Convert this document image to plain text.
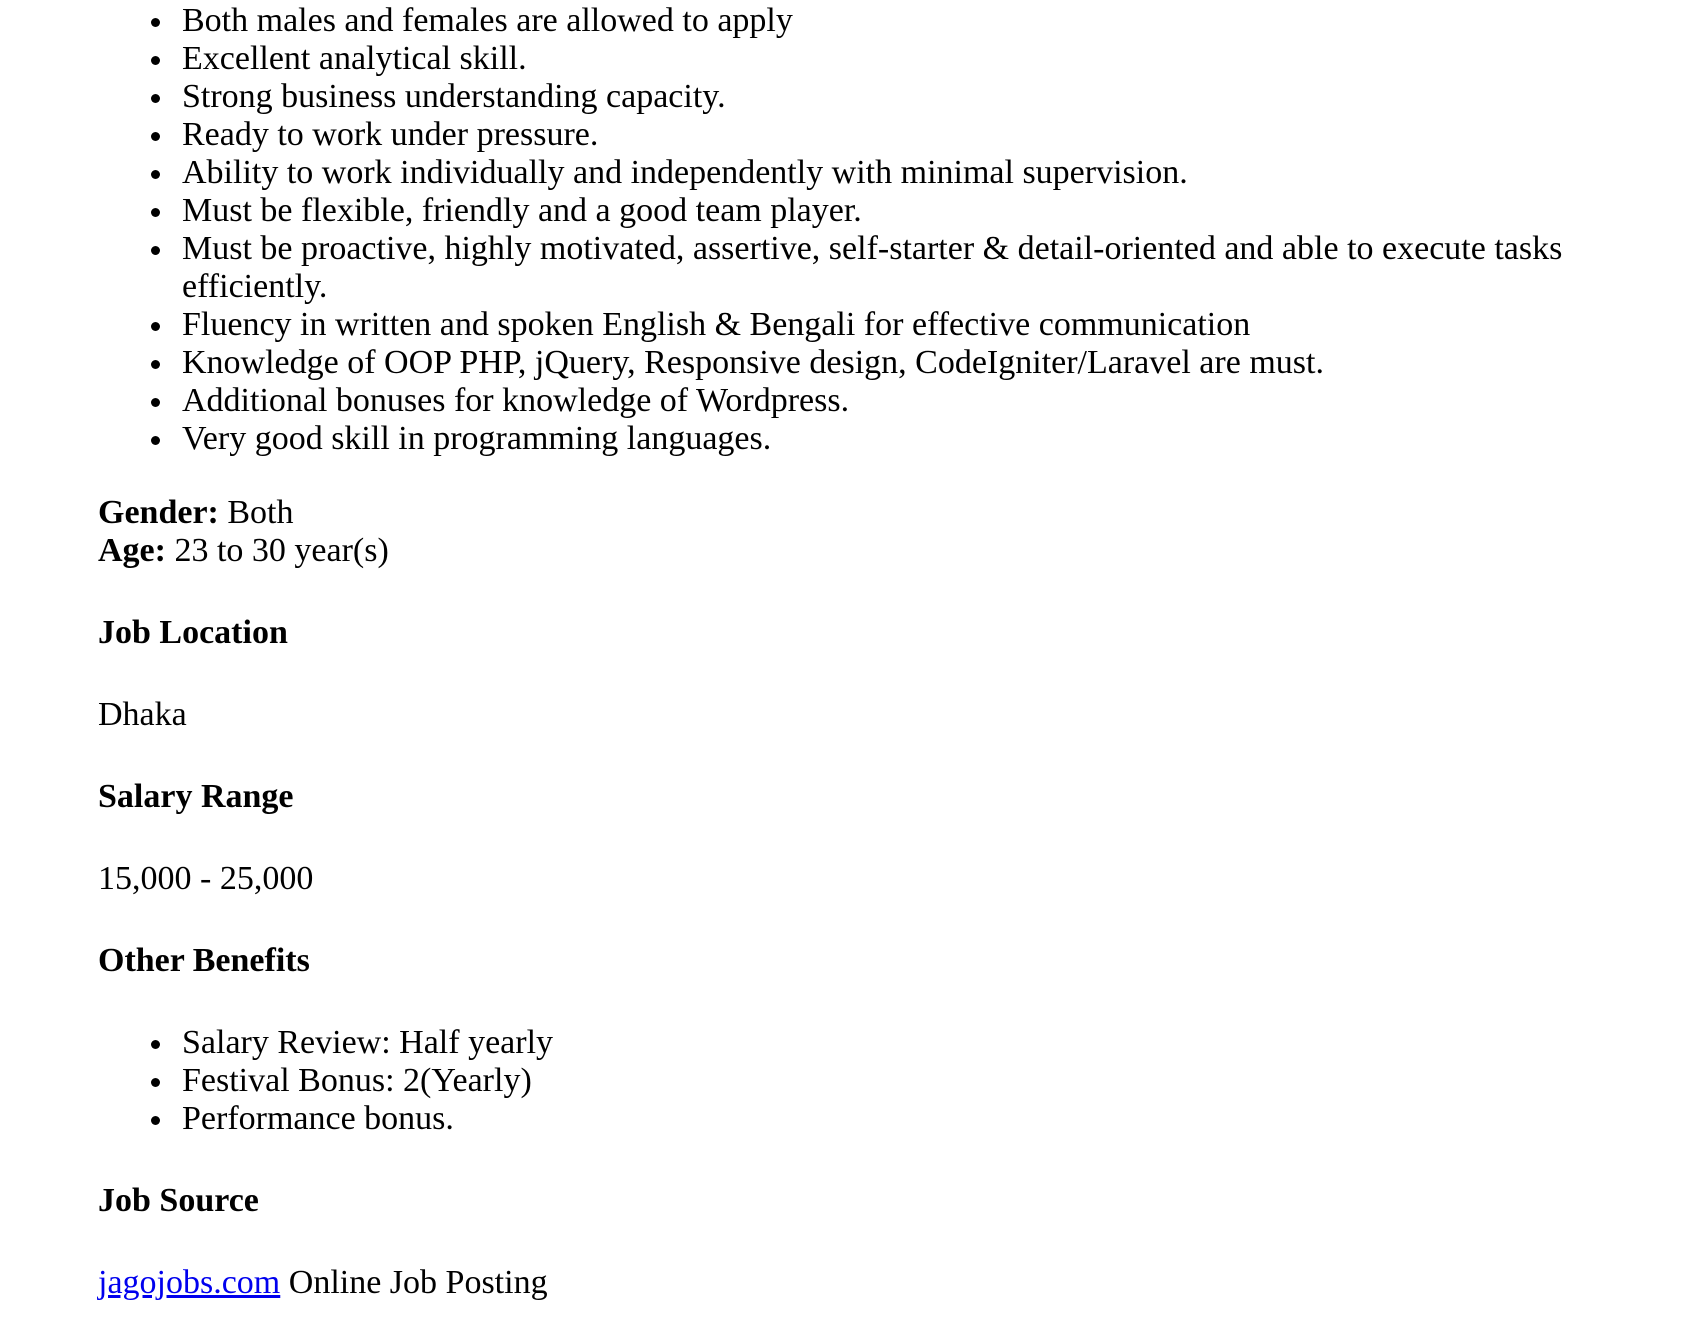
Both males and females are allowed to apply
Excellent analytical skill.
Strong business understanding capacity.
Ready to work under pressure.
Ability to work individually and independently with minimal supervision.
Must be flexible, friendly and a good team player.
Must be proactive, highly motivated, assertive, self-starter & detail-oriented and able to execute tasks efficiently.
Fluency in written and spoken English & Bengali for effective communication
Knowledge of OOP PHP, jQuery, Responsive design, CodeIgniter/Laravel are must.
Additional bonuses for knowledge of Wordpress.
Very good skill in programming languages.

Gender: Both

Age: 23 to 30 year(s)

Job Location

Dhaka

Salary Range

15,000 - 25,000

Other Benefits

Salary Review: Half yearly
Festival Bonus: 2(Yearly)
Performance bonus.

Job Source

jagojobs.com Online Job Posting
